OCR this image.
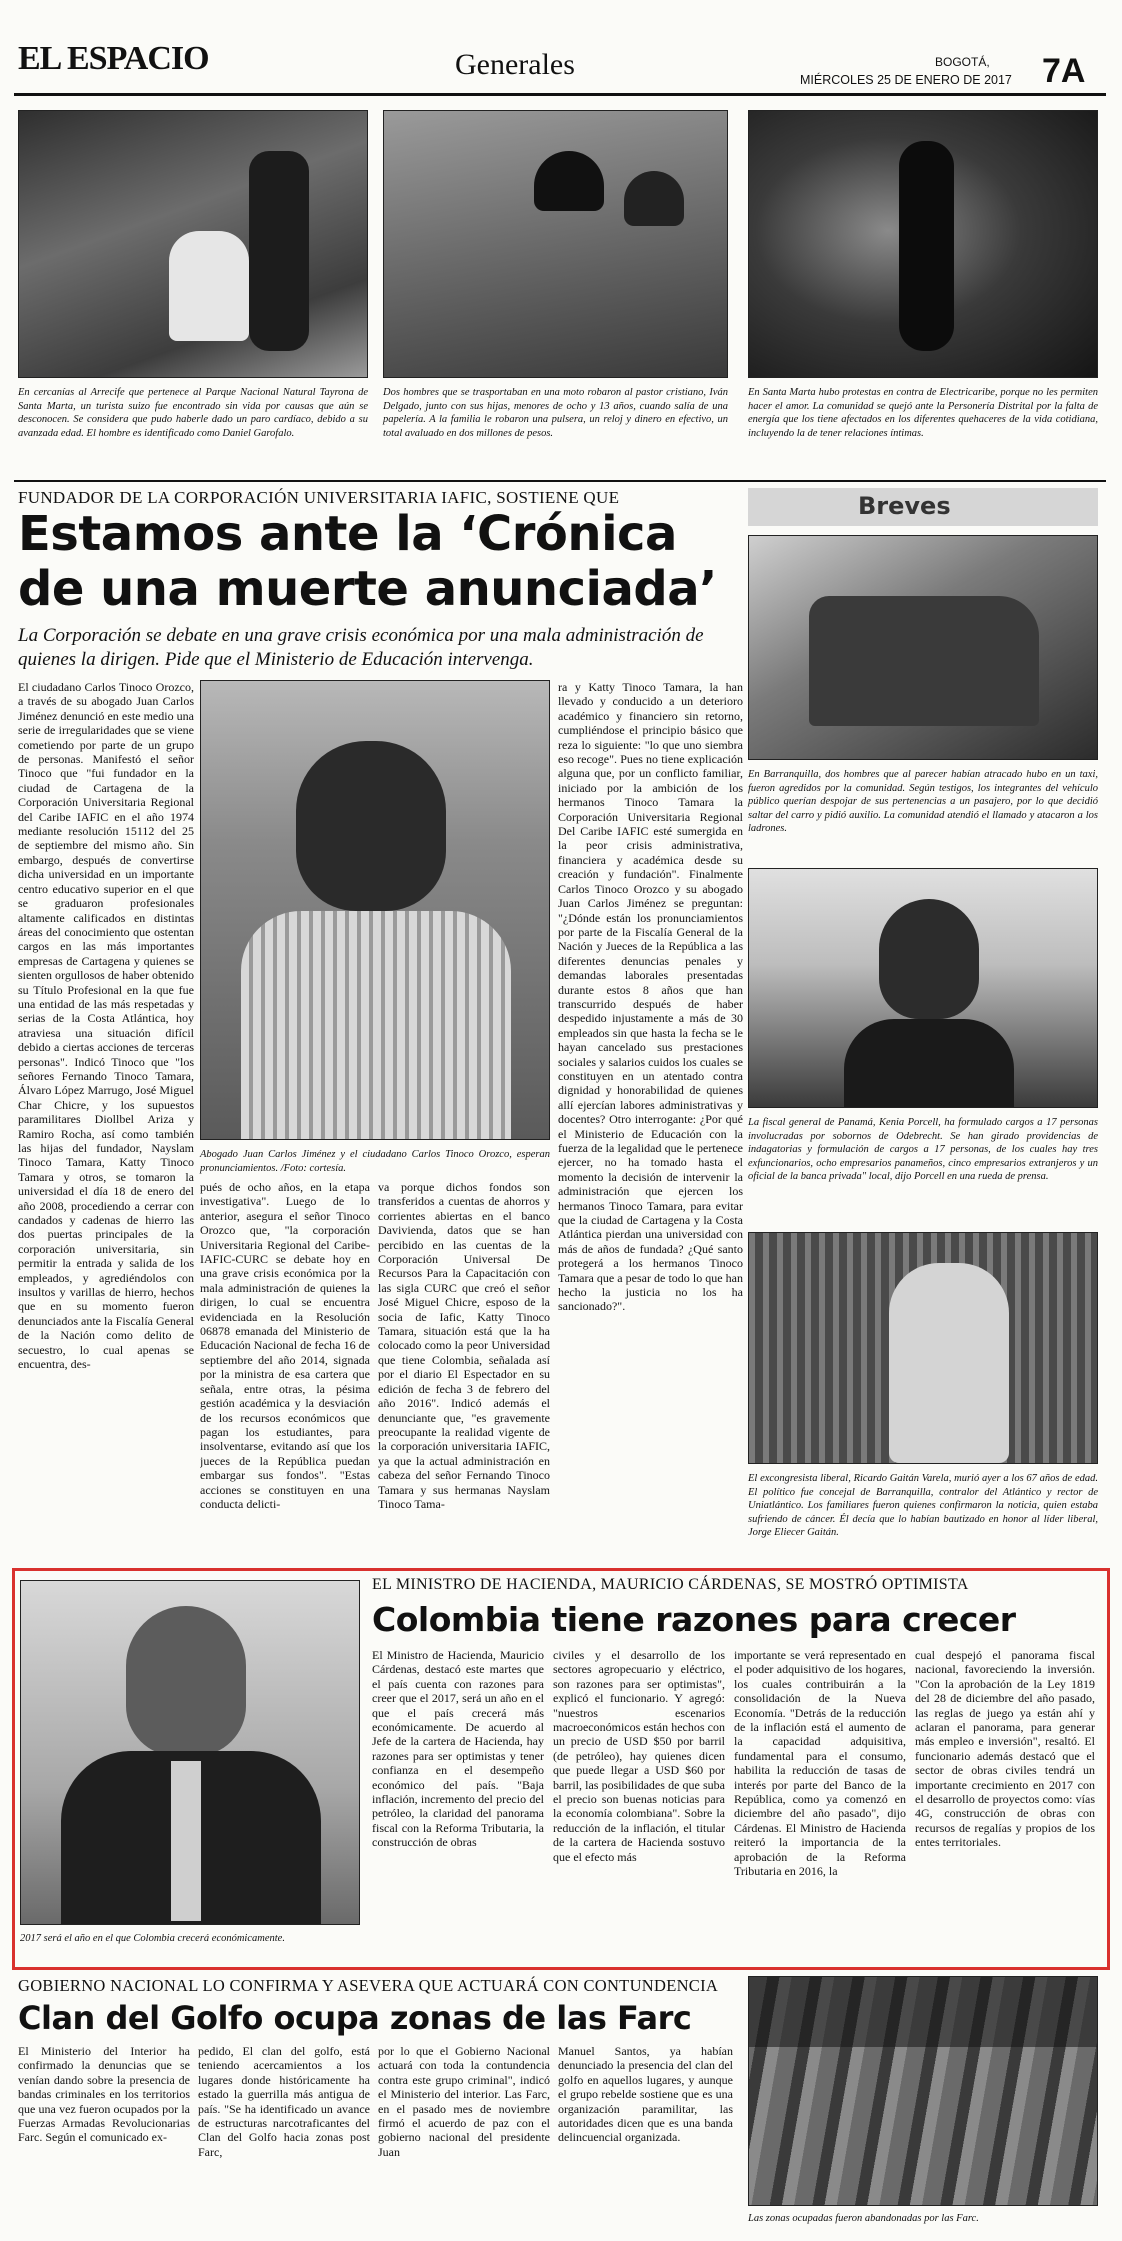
EL ESPACIO	Generales	BOGOTÁ,
MIÉRCOLES 25 DE ENERO DE 2017 7A
En cercanías al Arrecife que pertenece al Parque Nacional Natural Tayrona de Santa Marta, un turista suizo fue encontrado sin vida por causas que aún se desconocen. Se considera que pudo haberle dado un paro cardíaco, debido a su avanzada edad. El hombre es identificado como Daniel Garofalo.
Dos hombres que se trasportaban en una moto robaron al pastor cristiano, Iván Delgado, junto con sus hijas, menores de ocho y 13 años, cuando salía de una papelería. A la familia le robaron una pulsera, un reloj y dinero en efectivo, un total avaluado en dos millones de pesos.
En Santa Marta hubo protestas en contra de Electricaribe, porque no les permiten hacer el amor. La comunidad se quejó ante la Personería Distrital por la falta de energía que los tiene afectados en los diferentes quehaceres de la vida cotidiana, incluyendo la de tener relaciones íntimas.
FUNDADOR DE LA CORPORACIÓN UNIVERSITARIA IAFIC, SOSTIENE QUE
Estamos ante la ‘Crónica
de una muerte anunciada’
La Corporación se debate en una grave crisis económica por una mala administración de quienes la dirigen. Pide que el Ministerio de Educación intervenga.
Abogado Juan Carlos Jiménez y el ciudadano Carlos Tinoco Orozco, esperan pronunciamientos. /Foto: cortesía.
El ciudadano Carlos Tinoco Orozco, a través de su abogado Juan Carlos Jiménez denunció en este medio una serie de irregularidades que se viene cometiendo por parte de un grupo de personas. Manifestó el señor Tinoco que "fui fundador en la ciudad de Cartagena de la Corporación Universitaria Regional del Caribe IAFIC en el año 1974 mediante resolución 15112 del 25 de septiembre del mismo año. Sin embargo, después de convertirse dicha universidad en un importante centro educativo superior en el que se graduaron profesionales altamente calificados en distintas áreas del conocimiento que ostentan cargos en las más importantes empresas de Cartagena y quienes se sienten orgullosos de haber obtenido su Título Profesional en la que fue una entidad de las más respetadas y serias de la Costa Atlántica, hoy atraviesa una situación difícil debido a ciertas acciones de terceras personas". Indicó Tinoco que "los señores Fernando Tinoco Tamara, Álvaro López Marrugo, José Miguel Char Chicre, y los supuestos paramilitares Diollbel Ariza y Ramiro Rocha, así como también las hijas del fundador, Nayslam Tinoco Tamara, Katty Tinoco Tamara y otros, se tomaron la universidad el día 18 de enero del año 2008, procediendo a cerrar con candados y cadenas de hierro las dos puertas principales de la corporación universitaria, sin permitir la entrada y salida de los empleados, y agrediéndolos con insultos y varillas de hierro, hechos que en su momento fueron denunciados ante la Fiscalía General de la Nación como delito de secuestro, lo cual apenas se encuentra, des-
pués de ocho años, en la etapa investigativa". Luego de lo anterior, asegura el señor Tinoco Orozco que, "la corporación Universitaria Regional del Caribe-IAFIC-CURC se debate hoy en una grave crisis económica por la mala administración de quienes la dirigen, lo cual se encuentra evidenciada en la Resolución 06878 emanada del Ministerio de Educación Nacional de fecha 16 de septiembre del año 2014, signada por la ministra de esa cartera que señala, entre otras, la pésima gestión académica y la desviación de los recursos económicos que pagan los estudiantes, para insolventarse, evitando así que los jueces de la República puedan embargar sus fondos". "Estas acciones se constituyen en una conducta delicti-
va porque dichos fondos son transferidos a cuentas de ahorros y corrientes abiertas en el banco Davivienda, datos que se han percibido en las cuentas de la Corporación Universal De Recursos Para la Capacitación con las sigla CURC que creó el señor José Miguel Chicre, esposo de la socia de Iafic, Katty Tinoco Tamara, situación está que la ha colocado como la peor Universidad que tiene Colombia, señalada así por el diario El Espectador en su edición de fecha 3 de febrero del año 2016". Indicó además el denunciante que, "es gravemente preocupante la realidad vigente de la corporación universitaria IAFIC, ya que la actual administración en cabeza del señor Fernando Tinoco Tamara y sus hermanas Nayslam Tinoco Tama-
ra y Katty Tinoco Tamara, la han llevado y conducido a un deterioro académico y financiero sin retorno, cumpliéndose el principio básico que reza lo siguiente: "lo que uno siembra eso recoge". Pues no tiene explicación alguna que, por un conflicto familiar, iniciado por la ambición de los hermanos Tinoco Tamara la Corporación Universitaria Regional Del Caribe IAFIC esté sumergida en la peor crisis administrativa, financiera y académica desde su creación y fundación". Finalmente Carlos Tinoco Orozco y su abogado Juan Carlos Jiménez se preguntan: "¿Dónde están los pronunciamientos por parte de la Fiscalía General de la Nación y Jueces de la República a las diferentes denuncias penales y demandas laborales presentadas durante estos 8 años que han transcurrido después de haber despedido injustamente a más de 30 empleados sin que hasta la fecha se le hayan cancelado sus prestaciones sociales y salarios cuidos los cuales se constituyen en un atentado contra dignidad y honorabilidad de quienes allí ejercían labores administrativas y docentes? Otro interrogante: ¿Por qué el Ministerio de Educación con la fuerza de la legalidad que le pertenece ejercer, no ha tomado hasta el momento la decisión de intervenir la administración que ejercen los hermanos Tinoco Tamara, para evitar que la ciudad de Cartagena y la Costa Atlántica pierdan una universidad con más de años de fundada? ¿Qué santo protegerá a los hermanos Tinoco Tamara que a pesar de todo lo que han hecho la justicia no los ha sancionado?".
Breves
En Barranquilla, dos hombres que al parecer habían atracado hubo en un taxi, fueron agredidos por la comunidad. Según testigos, los integrantes del vehículo público querían despojar de sus pertenencias a un pasajero, por lo que decidió saltar del carro y pidió auxilio. La comunidad atendió el llamado y atacaron a los ladrones.
La fiscal general de Panamá, Kenia Porcell, ha formulado cargos a 17 personas involucradas por sobornos de Odebrecht. Se han girado providencias de indagatorias y formulación de cargos a 17 personas, de los cuales hay tres exfuncionarios, ocho empresarios panameños, cinco empresarios extranjeros y un oficial de la banca privada" local, dijo Porcell en una rueda de prensa.
El excongresista liberal, Ricardo Gaitán Varela, murió ayer a los 67 años de edad. El político fue concejal de Barranquilla, contralor del Atlántico y rector de Uniatlántico. Los familiares fueron quienes confirmaron la noticia, quien estaba sufriendo de cáncer. Él decía que lo habían bautizado en honor al líder liberal, Jorge Eliecer Gaitán.
2017 será el año en el que Colombia crecerá económicamente.
EL MINISTRO DE HACIENDA, MAURICIO CÁRDENAS, SE MOSTRÓ OPTIMISTA
Colombia tiene razones para crecer
El Ministro de Hacienda, Mauricio Cárdenas, destacó este martes que el país cuenta con razones para creer que el 2017, será un año en el que el país crecerá más económicamente. De acuerdo al Jefe de la cartera de Hacienda, hay razones para ser optimistas y tener confianza en el desempeño económico del país. "Baja inflación, incremento del precio del petróleo, la claridad del panorama fiscal con la Reforma Tributaria, la construcción de obras
civiles y el desarrollo de los sectores agropecuario y eléctrico, son razones para ser optimistas", explicó el funcionario. Y agregó: "nuestros escenarios macroeconómicos están hechos con un precio de USD $50 por barril (de petróleo), hay quienes dicen que puede llegar a USD $60 por barril, las posibilidades de que suba el precio son buenas noticias para la economía colombiana". Sobre la reducción de la inflación, el titular de la cartera de Hacienda sostuvo que el efecto más
importante se verá representado en el poder adquisitivo de los hogares, los cuales contribuirán a la consolidación de la Nueva Economía. "Detrás de la reducción de la inflación está el aumento de la capacidad adquisitiva, fundamental para el consumo, habilita la reducción de tasas de interés por parte del Banco de la República, como ya comenzó en diciembre del año pasado", dijo Cárdenas. El Ministro de Hacienda reiteró la importancia de la aprobación de la Reforma Tributaria en 2016, la
cual despejó el panorama fiscal nacional, favoreciendo la inversión. "Con la aprobación de la Ley 1819 del 28 de diciembre del año pasado, las reglas de juego ya están ahí y aclaran el panorama, para generar más empleo e inversión", resaltó. El funcionario además destacó que el sector de obras civiles tendrá un importante crecimiento en 2017 con el desarrollo de proyectos como: vías 4G, construcción de obras con recursos de regalías y propios de los entes territoriales.
GOBIERNO NACIONAL LO CONFIRMA Y ASEVERA QUE ACTUARÁ CON CONTUNDENCIA
Clan del Golfo ocupa zonas de las Farc
El Ministerio del Interior ha confirmado la denuncias que se venían dando sobre la presencia de bandas criminales en los territorios que una vez fueron ocupados por la Fuerzas Armadas Revolucionarias Farc. Según el comunicado ex-
pedido, El clan del golfo, está teniendo acercamientos a los lugares donde históricamente ha estado la guerrilla más antigua de país. "Se ha identificado un avance de estructuras narcotraficantes del Clan del Golfo hacia zonas post Farc,
por lo que el Gobierno Nacional actuará con toda la contundencia contra este grupo criminal", indicó el Ministerio del interior. Las Farc, en el pasado mes de noviembre firmó el acuerdo de paz con el gobierno nacional del presidente Juan
Manuel Santos, ya habían denunciado la presencia del clan del golfo en aquellos lugares, y aunque el grupo rebelde sostiene que es una organización paramilitar, las autoridades dicen que es una banda delincuencial organizada.
Las zonas ocupadas fueron abandonadas por las Farc.
